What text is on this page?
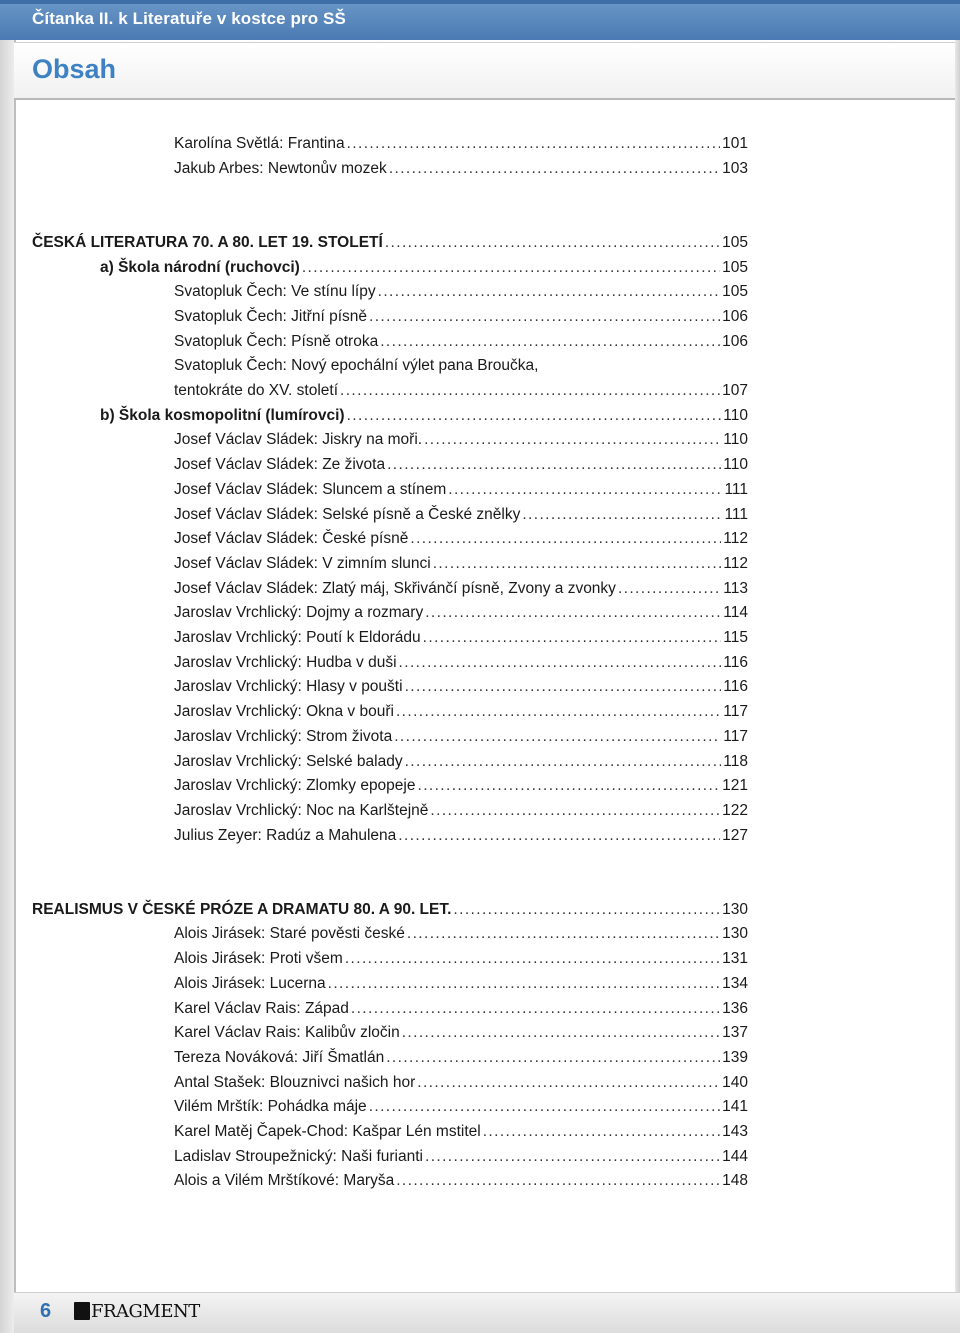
Čítanka II. k Literatuře v kostce pro SŠ
Obsah
Karolína Světlá: Frantina .....	101
Jakub Arbes: Newtonův mozek .....	103
ČESKÁ LITERATURA 70. A 80. LET 19. STOLETÍ .....	105
a) Škola národní (ruchovci) .....	105
Svatopluk Čech: Ve stínu lípy .....	105
Svatopluk Čech: Jitřní písně .....	106
Svatopluk Čech: Písně otroka .....	106
Svatopluk Čech: Nový epochální výlet pana Broučka,
tentokráte do XV. století .....	107
b) Škola kosmopolitní (lumírovci) .....	110
Josef Václav Sládek: Jiskry na moři. .....	110
Josef Václav Sládek: Ze života .....	110
Josef Václav Sládek: Sluncem a stínem .....	111
Josef Václav Sládek: Selské písně a České znělky .....	111
Josef Václav Sládek: České písně .....	112
Josef Václav Sládek: V zimním slunci .....	112
Josef Václav Sládek: Zlatý máj, Skřivánčí písně, Zvony a zvonky .....	113
Jaroslav Vrchlický: Dojmy a rozmary .....	114
Jaroslav Vrchlický: Poutí k Eldorádu .....	115
Jaroslav Vrchlický: Hudba v duši .....	116
Jaroslav Vrchlický: Hlasy v poušti .....	116
Jaroslav Vrchlický: Okna v bouři .....	117
Jaroslav Vrchlický: Strom života .....	117
Jaroslav Vrchlický: Selské balady .....	118
Jaroslav Vrchlický: Zlomky epopeje .....	121
Jaroslav Vrchlický: Noc na Karlštejně .....	122
Julius Zeyer: Radúz a Mahulena .....	127
REALISMUS V ČESKÉ PRÓZE A DRAMATU 80. A 90. LET. .....	130
Alois Jirásek: Staré pověsti české .....	130
Alois Jirásek: Proti všem .....	131
Alois Jirásek: Lucerna .....	134
Karel Václav Rais: Západ .....	136
Karel Václav Rais: Kalibův zločin .....	137
Tereza Nováková: Jiří Šmatlán .....	139
Antal Stašek: Blouznivci našich hor .....	140
Vilém Mrštík: Pohádka máje .....	141
Karel Matěj Čapek-Chod: Kašpar Lén mstitel .....	143
Ladislav Stroupežnický: Naši furianti .....	144
Alois a Vilém Mrštíkové: Maryša .....	148
6 FRAGMENT
